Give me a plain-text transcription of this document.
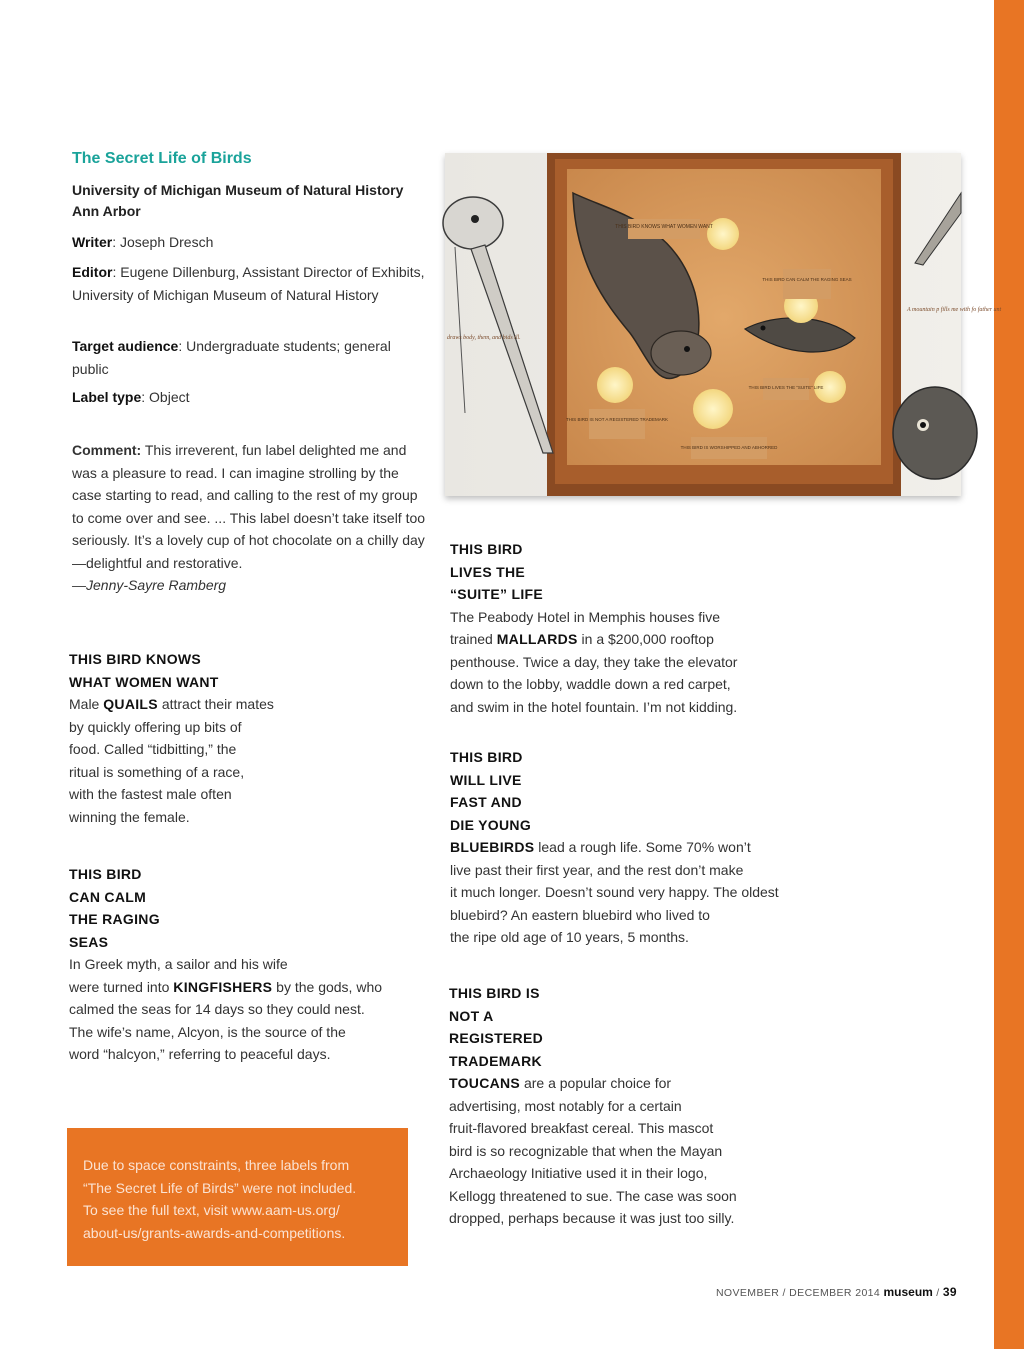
The Secret Life of Birds
University of Michigan Museum of Natural History
Ann Arbor
Writer: Joseph Dresch
Editor: Eugene Dillenburg, Assistant Director of Exhibits, University of Michigan Museum of Natural History
Target audience: Undergraduate students; general public
Label type: Object
Comment: This irreverent, fun label delighted me and was a pleasure to read. I can imagine strolling by the case starting to read, and calling to the rest of my group to come over and see. ... This label doesn’t take itself too seriously. It’s a lovely cup of hot chocolate on a chilly day—delightful and restorative.
—Jenny-Sayre Ramberg
THIS BIRD KNOWS
WHAT WOMEN WANT
Male QUAILS attract their mates
by quickly offering up bits of
food. Called “tidbitting,” the
ritual is something of a race,
with the fastest male often
winning the female.
THIS BIRD
CAN CALM
THE RAGING
SEAS
In Greek myth, a sailor and his wife
were turned into KINGFISHERS by the gods, who
calmed the seas for 14 days so they could nest.
The wife’s name, Alcyon, is the source of the
word “halcyon,” referring to peaceful days.

Due to space constraints, three labels from
“The Secret Life of Birds” were not included.
To see the full text, visit www.aam-us.org/
about-us/grants-awards-and-competitions.

THIS BIRD KNOWS WHAT WOMEN WANT
THIS BIRD CAN CALM THE RAGING SEAS
THIS BIRD LIVES THE “SUITE” LIFE
THIS BIRD IS NOT A REGISTERED TRADEMARK
THIS BIRD IS WORSHIPPED AND ABHORRED
A mountain p fills me with fo father unt
draws body, them, and bids ill.
THIS BIRD
LIVES THE
“SUITE” LIFE
The Peabody Hotel in Memphis houses five
trained MALLARDS in a $200,000 rooftop
penthouse. Twice a day, they take the elevator
down to the lobby, waddle down a red carpet,
and swim in the hotel fountain. I’m not kidding.
THIS BIRD
WILL LIVE
FAST AND
DIE YOUNG
BLUEBIRDS lead a rough life. Some 70% won’t
live past their first year, and the rest don’t make
it much longer. Doesn’t sound very happy. The oldest
bluebird? An eastern bluebird who lived to
the ripe old age of 10 years, 5 months.
THIS BIRD IS
NOT A
REGISTERED
TRADEMARK
TOUCANS are a popular choice for
advertising, most notably for a certain
fruit-flavored breakfast cereal. This mascot
bird is so recognizable that when the Mayan
Archaeology Initiative used it in their logo,
Kellogg threatened to sue. The case was soon
dropped, perhaps because it was just too silly.
NOVEMBER / DECEMBER 2014 museum / 39
